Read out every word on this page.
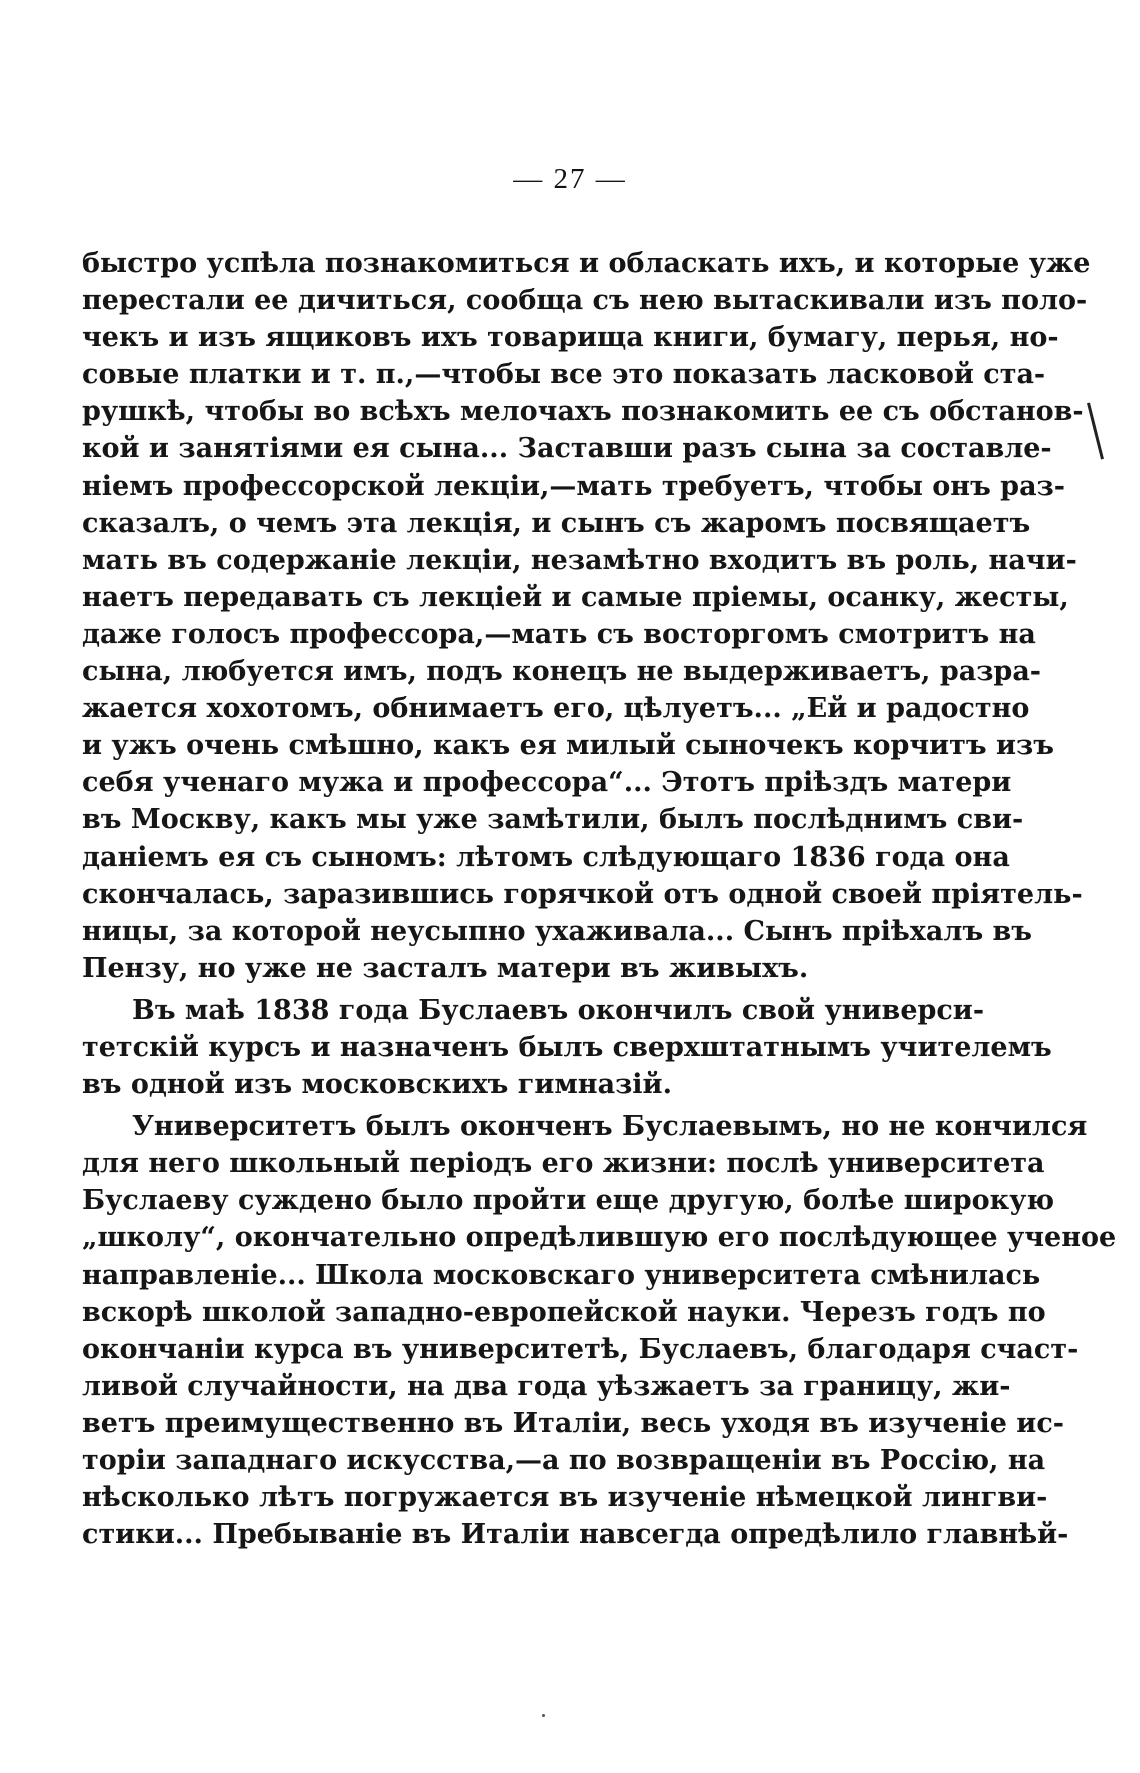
— 27 —
быстро успѣла познакомиться и обласкать ихъ, и которые уже
перестали ее дичиться, сообща съ нею вытаскивали изъ поло-
чекъ и изъ ящиковъ ихъ товарища книги, бумагу, перья, но-
совые платки и т. п.,—чтобы все это показать ласковой ста-
рушкѣ, чтобы во всѣхъ мелочахъ познакомить ее съ обстанов-
кой и занятіями ея сына... Заставши разъ сына за составле-
ніемъ профессорской лекціи,—мать требуетъ, чтобы онъ раз-
сказалъ, о чемъ эта лекція, и сынъ съ жаромъ посвящаетъ
мать въ содержаніе лекціи, незамѣтно входитъ въ роль, начи-
наетъ передавать съ лекціей и самые пріемы, осанку, жесты,
даже голосъ профессора,—мать съ восторгомъ смотритъ на
сына, любуется имъ, подъ конецъ не выдерживаетъ, разра-
жается хохотомъ, обнимаетъ его, цѣлуетъ... „Ей и радостно
и ужъ очень смѣшно, какъ ея милый сыночекъ корчитъ изъ
себя ученаго мужа и профессора“... Этотъ пріѣздъ матери
въ Москву, какъ мы уже замѣтили, былъ послѣднимъ сви-
даніемъ ея съ сыномъ: лѣтомъ слѣдующаго 1836 года она
скончалась, заразившись горячкой отъ одной своей пріятель-
ницы, за которой неусыпно ухаживала... Сынъ пріѣхалъ въ
Пензу, но уже не засталъ матери въ живыхъ.
Въ маѣ 1838 года Буслаевъ окончилъ свой универси-
тетскій курсъ и назначенъ былъ сверхштатнымъ учителемъ
въ одной изъ московскихъ гимназій.
Университетъ былъ оконченъ Буслаевымъ, но не кончился
для него школьный періодъ его жизни: послѣ университета
Буслаеву суждено было пройти еще другую, болѣе широкую
„школу“, окончательно опредѣлившую его послѣдующее ученое
направленіе... Школа московскаго университета смѣнилась
вскорѣ школой западно-европейской науки. Черезъ годъ по
окончаніи курса въ университетѣ, Буслаевъ, благодаря счаст-
ливой случайности, на два года уѣзжаетъ за границу, жи-
ветъ преимущественно въ Италіи, весь уходя въ изученіе ис-
торіи западнаго искусства,—а по возвращеніи въ Россію, на
нѣсколько лѣтъ погружается въ изученіе нѣмецкой лингви-
стики... Пребываніе въ Италіи навсегда опредѣлило главнѣй-
